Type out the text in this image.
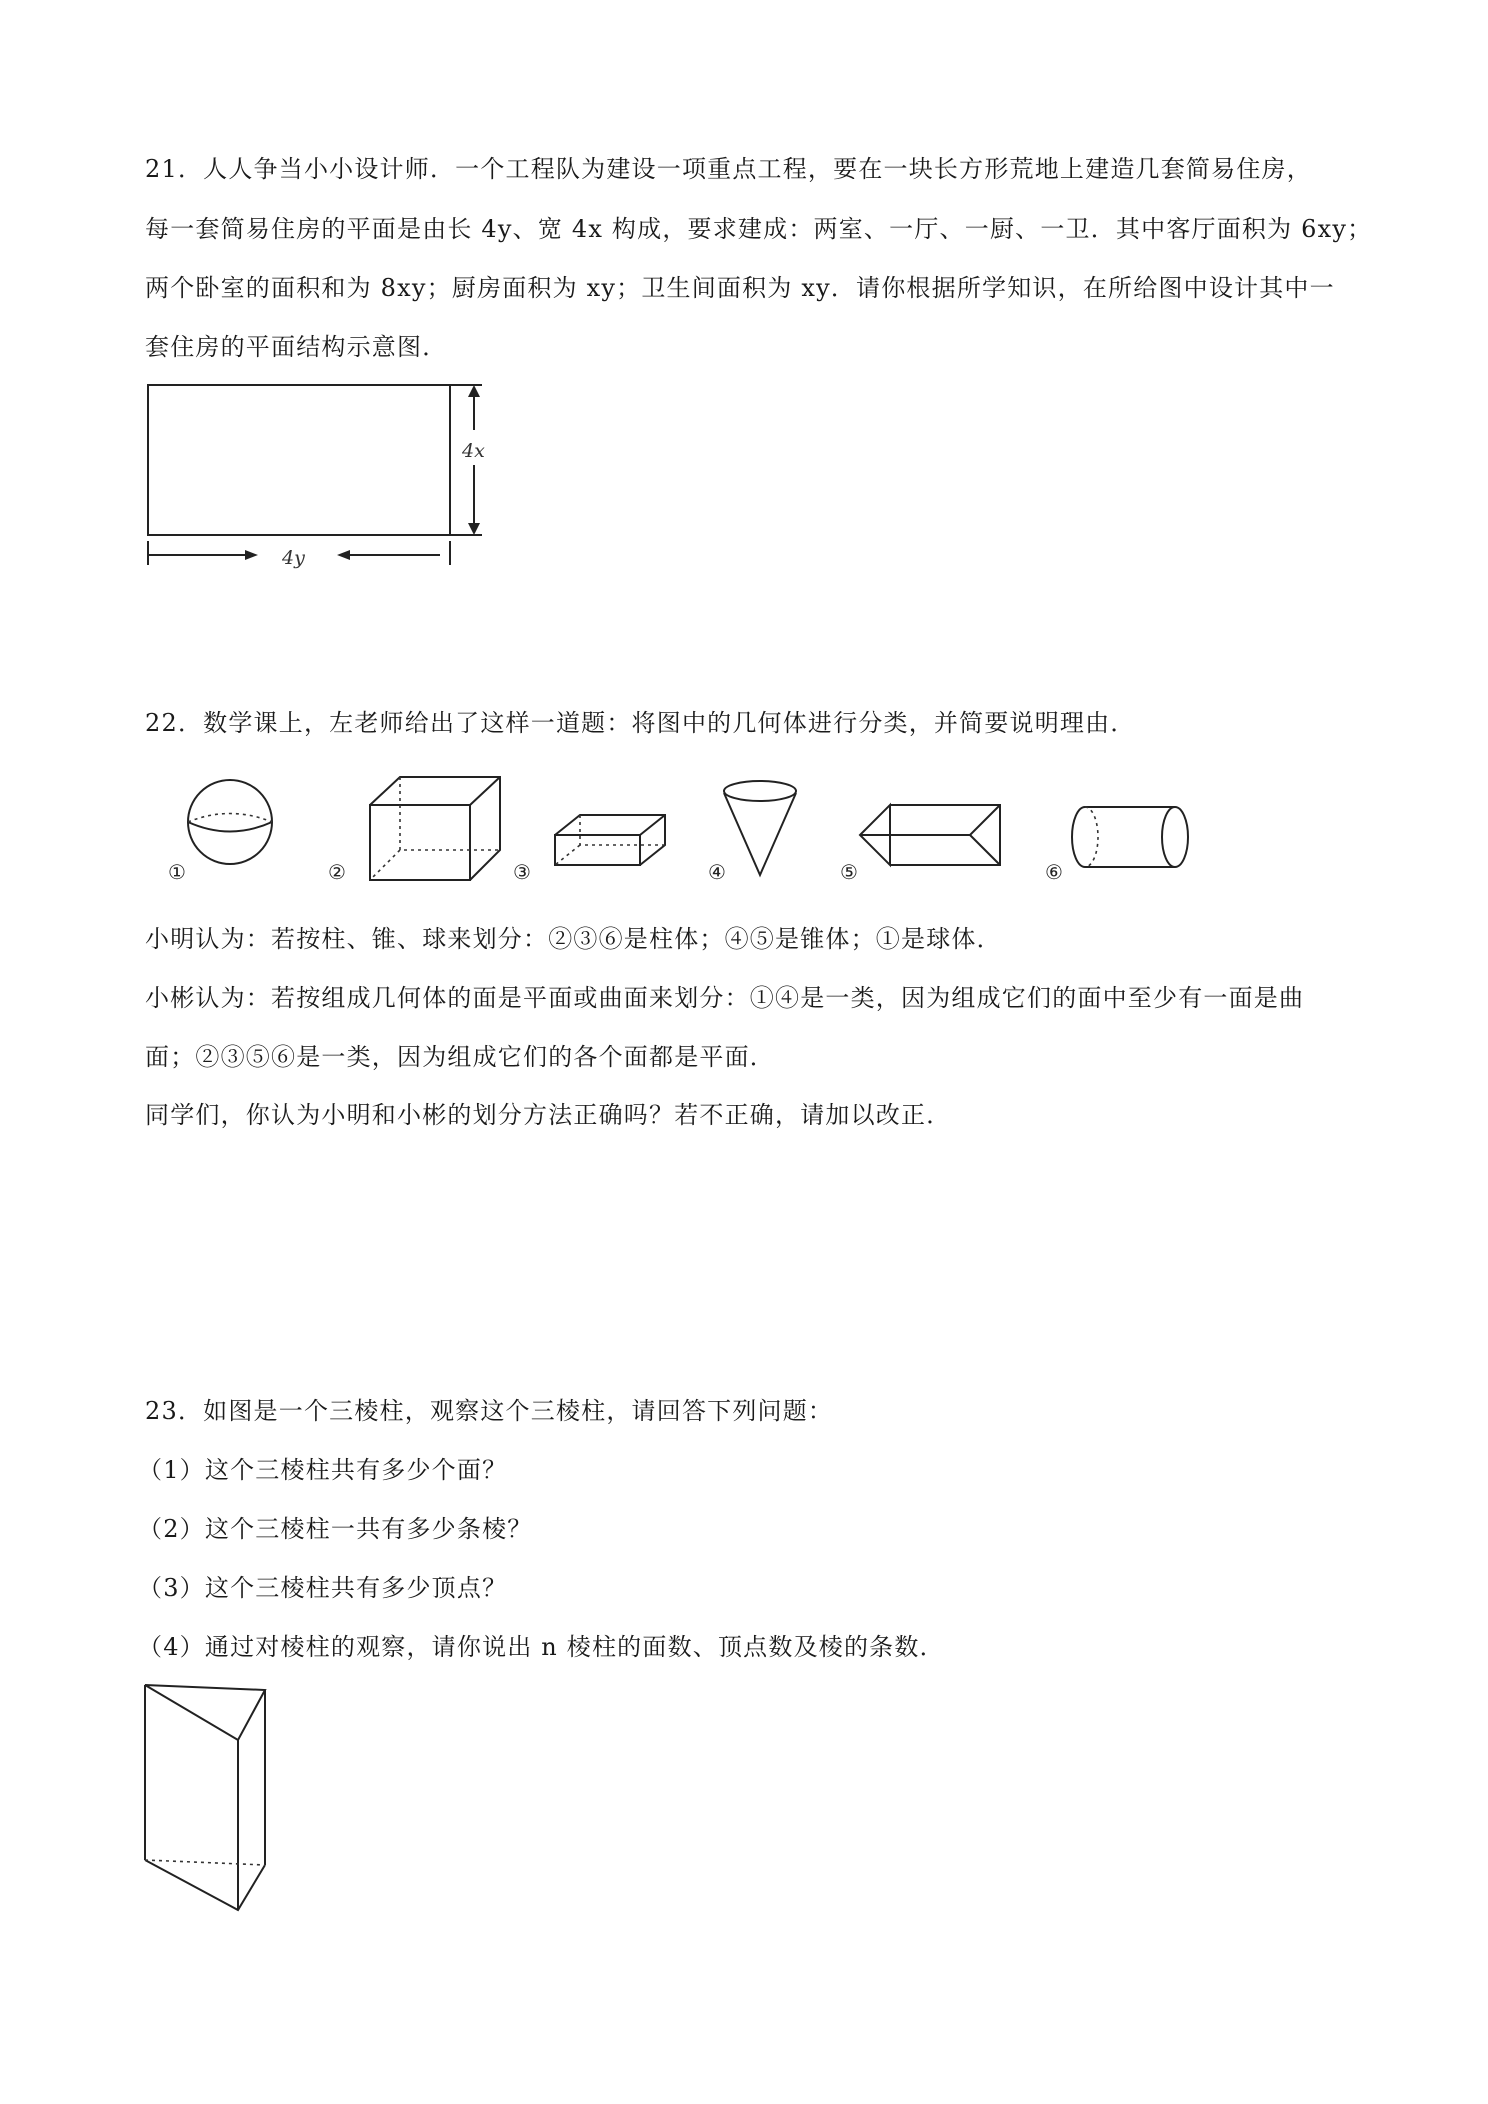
21．人人争当小小设计师．一个工程队为建设一项重点工程，要在一块长方形荒地上建造几套简易住房，
每一套简易住房的平面是由长 4y、宽 4x 构成，要求建成：两室、一厅、一厨、一卫．其中客厅面积为 6xy；
两个卧室的面积和为 8xy；厨房面积为 xy；卫生间面积为 xy．请你根据所学知识，在所给图中设计其中一
套住房的平面结构示意图．
4x
4y
22．数学课上，左老师给出了这样一道题：将图中的几何体进行分类，并简要说明理由．
①	②	③	④	⑤	⑥
小明认为：若按柱、锥、球来划分：②③⑥是柱体；④⑤是锥体；①是球体．
小彬认为：若按组成几何体的面是平面或曲面来划分：①④是一类，因为组成它们的面中至少有一面是曲
面；②③⑤⑥是一类，因为组成它们的各个面都是平面．
同学们，你认为小明和小彬的划分方法正确吗？若不正确，请加以改正．
23．如图是一个三棱柱，观察这个三棱柱，请回答下列问题：
（1）这个三棱柱共有多少个面？
（2）这个三棱柱一共有多少条棱？
（3）这个三棱柱共有多少顶点？
（4）通过对棱柱的观察，请你说出 n 棱柱的面数、顶点数及棱的条数．
